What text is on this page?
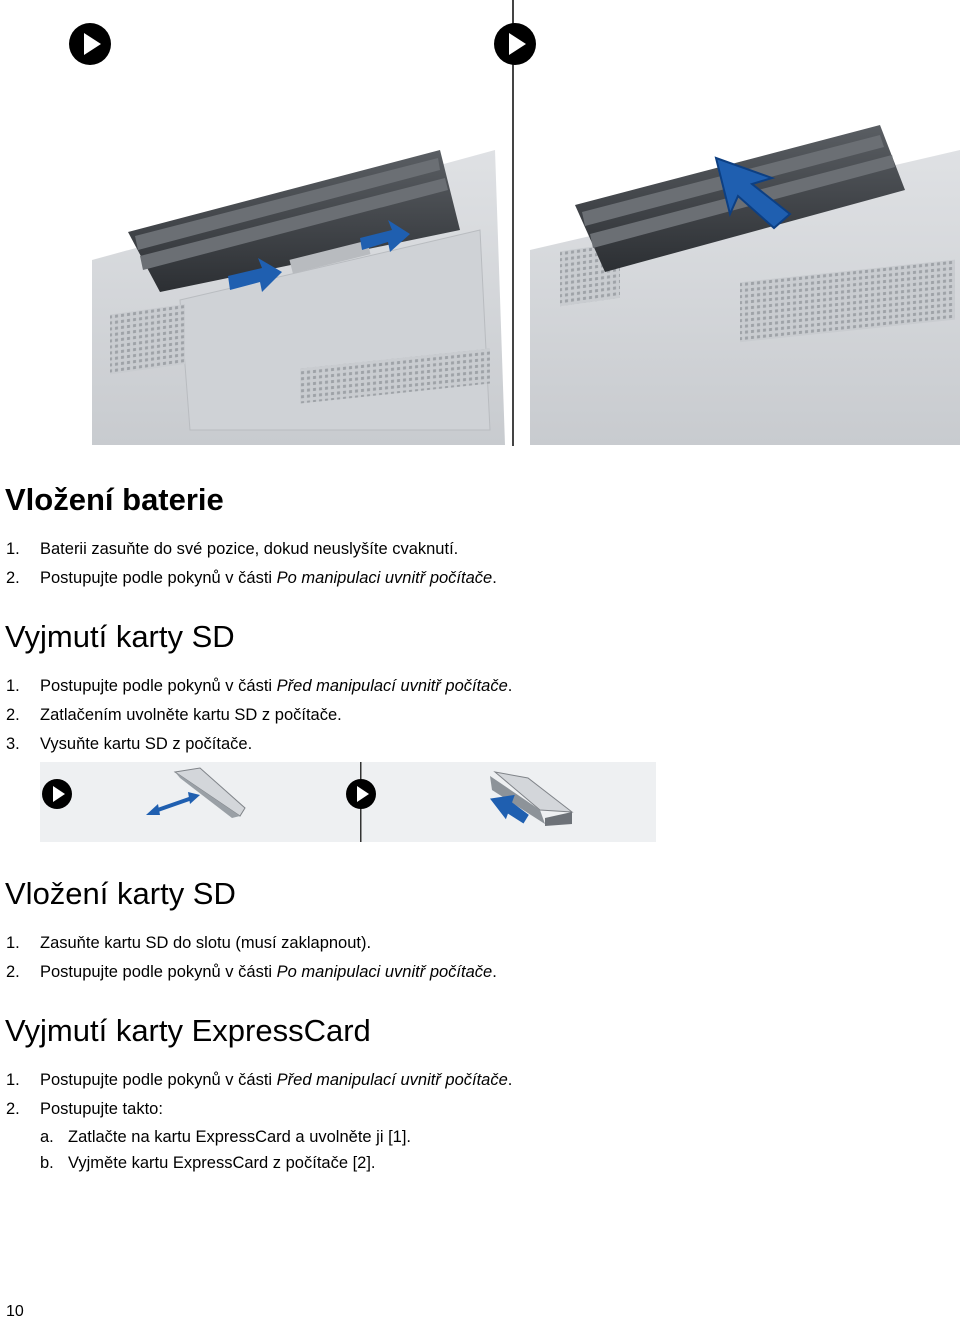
Vložení baterie
1. Baterii zasuňte do své pozice, dokud neuslyšíte cvaknutí.
2. Postupujte podle pokynů v části Po manipulaci uvnitř počítače.
Vyjmutí karty SD
1. Postupujte podle pokynů v části Před manipulací uvnitř počítače.
2. Zatlačením uvolněte kartu SD z počítače.
3. Vysuňte kartu SD z počítače.
Vložení karty SD
1. Zasuňte kartu SD do slotu (musí zaklapnout).
2. Postupujte podle pokynů v části Po manipulaci uvnitř počítače.
Vyjmutí karty ExpressCard
1. Postupujte podle pokynů v části Před manipulací uvnitř počítače.
2. Postupujte takto:
a. Zatlačte na kartu ExpressCard a uvolněte ji [1].
b. Vyjměte kartu ExpressCard z počítače [2].
10
